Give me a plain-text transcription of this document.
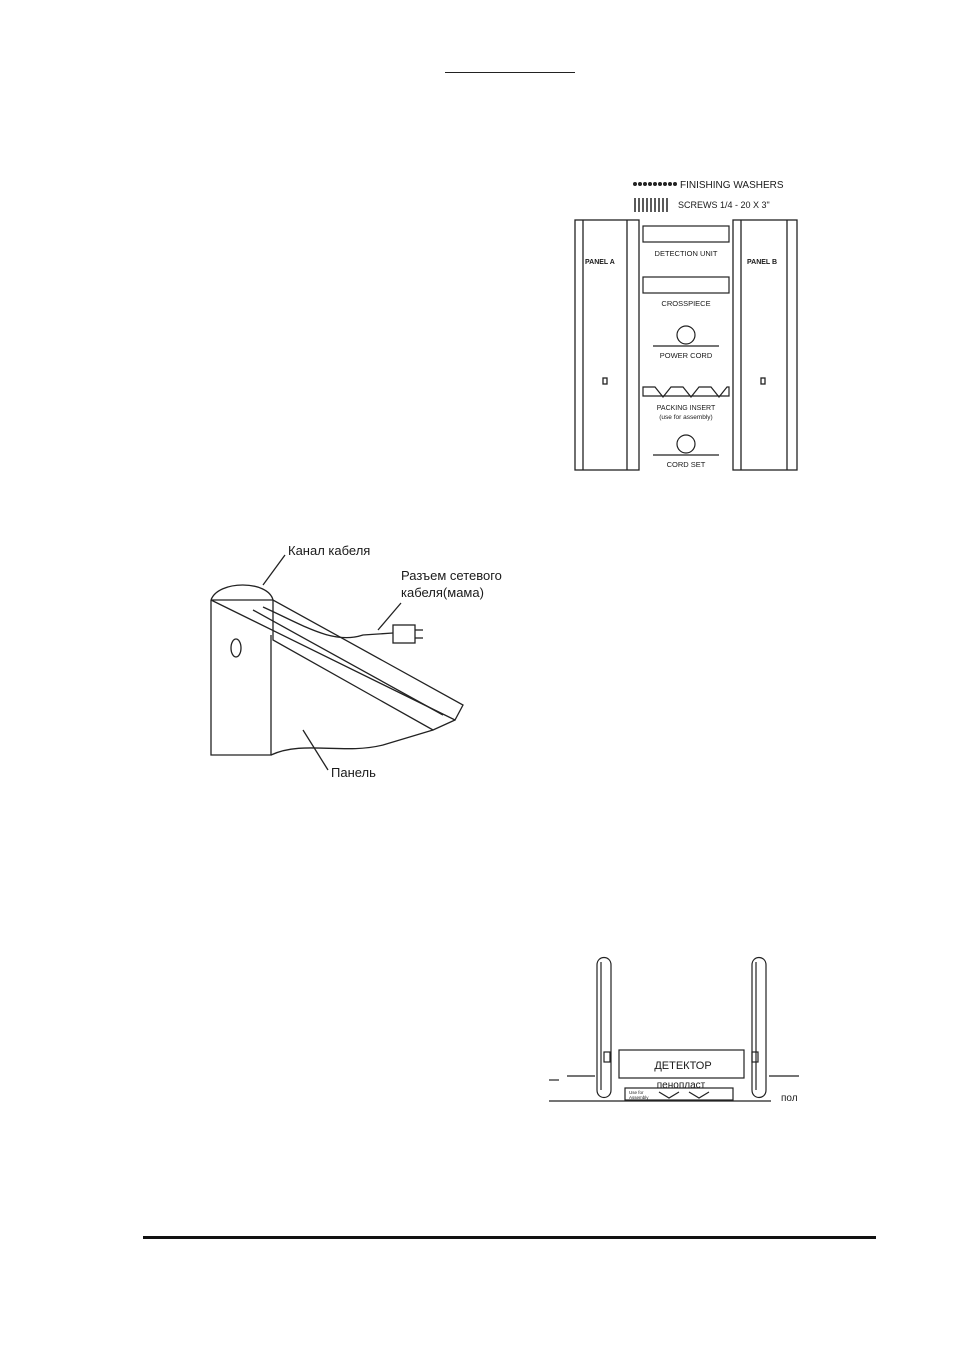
FINISHING WASHERS
SCREWS 1/4 - 20 X 3"
PANEL A	PANEL B
DETECTION UNIT
CROSSPIECE
POWER CORD
PACKING INSERT
(use for assembly)
CORD SET
Канал кабеля
Разъем сетевого
кабеля(мама)
Панель
ДЕТЕКТОР
пенопласт
Use for
Assembly	пол
